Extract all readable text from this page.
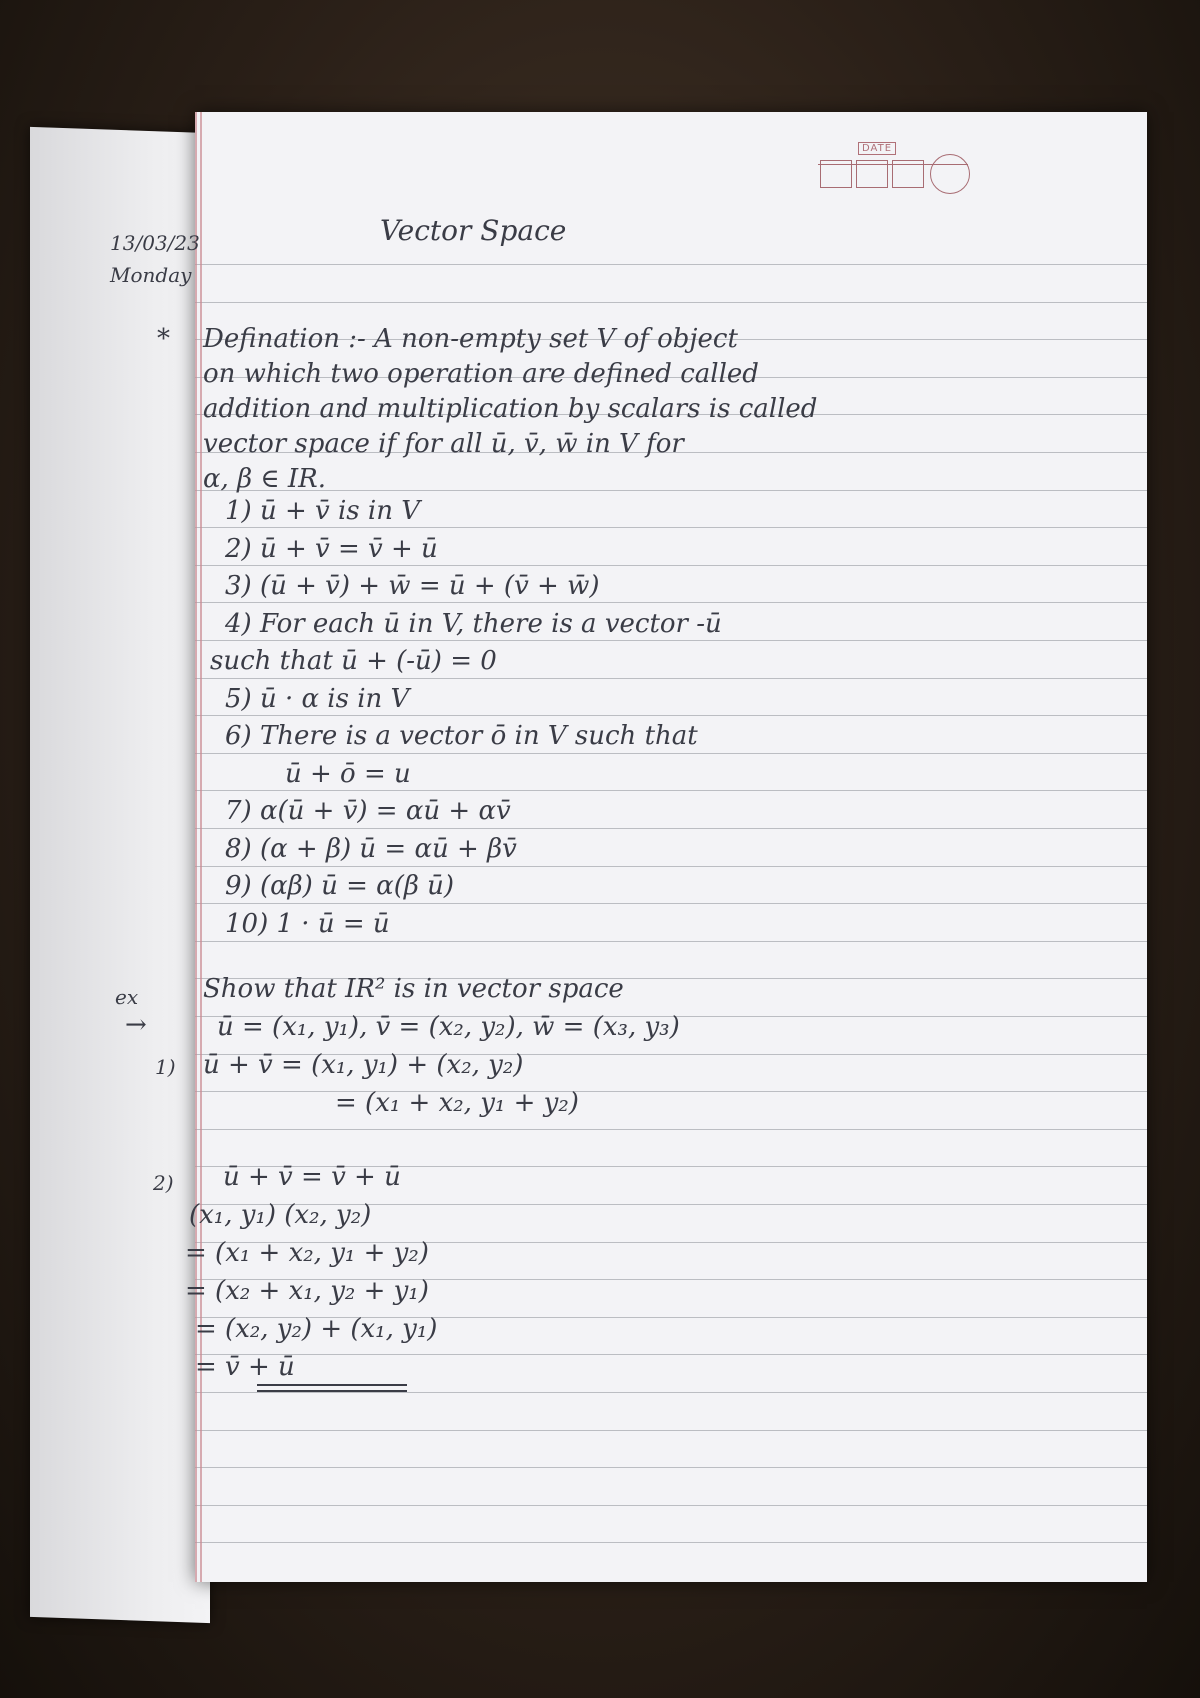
DATE
13/03/23
Monday
Vector Space
* Defination :- A non-empty set V of object
on which two operation are defined called
addition and multiplication by scalars is called
vector space if for all ū, v̄, w̄ in V for
α, β ∈ IR.
1) ū + v̄ is in V
2) ū + v̄ = v̄ + ū
3) (ū + v̄) + w̄ = ū + (v̄ + w̄)
4) For each ū in V, there is a vector -ū
such that ū + (-ū) = 0
5) ū · α is in V
6) There is a vector ō in V such that
ū + ō = u
7) α(ū + v̄) = αū + αv̄
8) (α + β) ū = αū + βv̄
9) (αβ) ū = α(β ū)
10) 1 · ū = ū
ex
→
Show that IR² is in vector space
ū = (x₁, y₁), v̄ = (x₂, y₂), w̄ = (x₃, y₃)
1) ū + v̄ = (x₁, y₁) + (x₂, y₂)
= (x₁ + x₂, y₁ + y₂)
2) ū + v̄ = v̄ + ū
(x₁, y₁) (x₂, y₂)
= (x₁ + x₂, y₁ + y₂)
= (x₂ + x₁, y₂ + y₁)
= (x₂, y₂) + (x₁, y₁)
= v̄ + ū
